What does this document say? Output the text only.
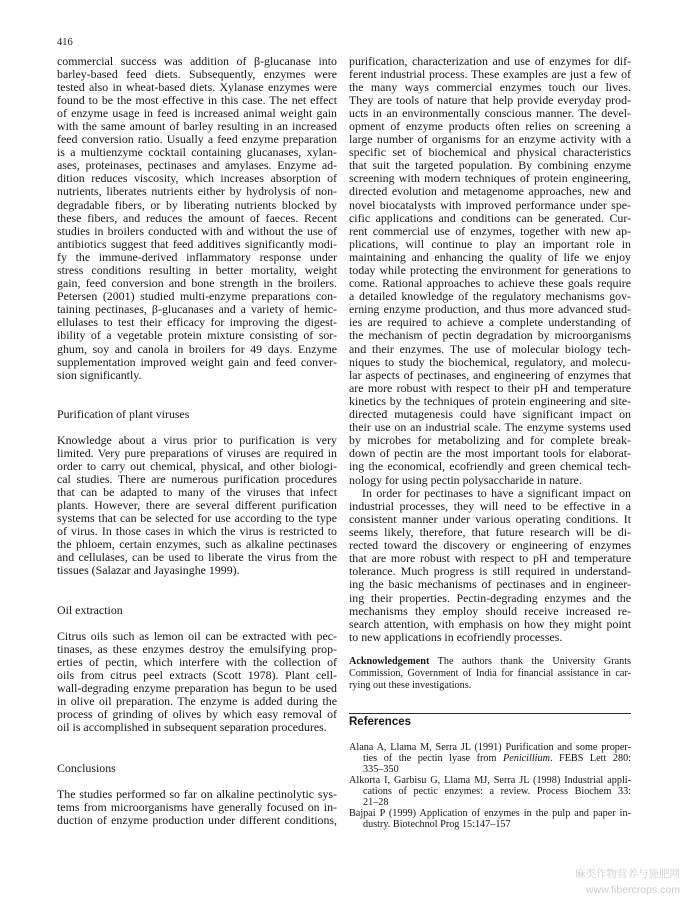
416
commercial success was addition of β-glucanase into
barley-based feed diets. Subsequently, enzymes were
tested also in wheat-based diets. Xylanase enzymes were
found to be the most effective in this case. The net effect
of enzyme usage in feed is increased animal weight gain
with the same amount of barley resulting in an increased
feed conversion ratio. Usually a feed enzyme preparation
is a multienzyme cocktail containing glucanases, xylan-
ases, proteinases, pectinases and amylases. Enzyme ad-
dition reduces viscosity, which increases absorption of
nutrients, liberates nutrients either by hydrolysis of non-
degradable fibers, or by liberating nutrients blocked by
these fibers, and reduces the amount of faeces. Recent
studies in broilers conducted with and without the use of
antibiotics suggest that feed additives significantly modi-
fy the immune-derived inflammatory response under
stress conditions resulting in better mortality, weight
gain, feed conversion and bone strength in the broilers.
Petersen (2001) studied multi-enzyme preparations con-
taining pectinases, β-glucanases and a variety of hemic-
ellulases to test their efficacy for improving the digest-
ibility of a vegetable protein mixture consisting of sor-
ghum, soy and canola in broilers for 49 days. Enzyme
supplementation improved weight gain and feed conver-
sion significantly.
Purification of plant viruses
Knowledge about a virus prior to purification is very
limited. Very pure preparations of viruses are required in
order to carry out chemical, physical, and other biologi-
cal studies. There are numerous purification procedures
that can be adapted to many of the viruses that infect
plants. However, there are several different purification
systems that can be selected for use according to the type
of virus. In those cases in which the virus is restricted to
the phloem, certain enzymes, such as alkaline pectinases
and cellulases, can be used to liberate the virus from the
tissues (Salazar and Jayasinghe 1999).
Oil extraction
Citrus oils such as lemon oil can be extracted with pec-
tinases, as these enzymes destroy the emulsifying prop-
erties of pectin, which interfere with the collection of
oils from citrus peel extracts (Scott 1978). Plant cell-
wall-degrading enzyme preparation has begun to be used
in olive oil preparation. The enzyme is added during the
process of grinding of olives by which easy removal of
oil is accomplished in subsequent separation procedures.
Conclusions
The studies performed so far on alkaline pectinolytic sys-
tems from microorganisms have generally focused on in-
duction of enzyme production under different conditions,
purification, characterization and use of enzymes for dif-
ferent industrial process. These examples are just a few of
the many ways commercial enzymes touch our lives.
They are tools of nature that help provide everyday prod-
ucts in an environmentally conscious manner. The devel-
opment of enzyme products often relies on screening a
large number of organisms for an enzyme activity with a
specific set of biochemical and physical characteristics
that suit the targeted population. By combining enzyme
screening with modern techniques of protein engineering,
directed evolution and metagenome approaches, new and
novel biocatalysts with improved performance under spe-
cific applications and conditions can be generated. Cur-
rent commercial use of enzymes, together with new ap-
plications, will continue to play an important role in
maintaining and enhancing the quality of life we enjoy
today while protecting the environment for generations to
come. Rational approaches to achieve these goals require
a detailed knowledge of the regulatory mechanisms gov-
erning enzyme production, and thus more advanced stud-
ies are required to achieve a complete understanding of
the mechanism of pectin degradation by microorganisms
and their enzymes. The use of molecular biology tech-
niques to study the biochemical, regulatory, and molecu-
lar aspects of pectinases, and engineering of enzymes that
are more robust with respect to their pH and temperature
kinetics by the techniques of protein engineering and site-
directed mutagenesis could have significant impact on
their use on an industrial scale. The enzyme systems used
by microbes for metabolizing and for complete break-
down of pectin are the most important tools for elaborat-
ing the economical, ecofriendly and green chemical tech-
nology for using pectin polysaccharide in nature.
In order for pectinases to have a significant impact on
industrial processes, they will need to be effective in a
consistent manner under various operating conditions. It
seems likely, therefore, that future research will be di-
rected toward the discovery or engineering of enzymes
that are more robust with respect to pH and temperature
tolerance. Much progress is still required in understand-
ing the basic mechanisms of pectinases and in engineer-
ing their properties. Pectin-degrading enzymes and the
mechanisms they employ should receive increased re-
search attention, with emphasis on how they might point
to new applications in ecofriendly processes.
Acknowledgement The authors thank the University Grants
Commission, Government of India for financial assistance in car-
rying out these investigations.
References
Alana A, Llama M, Serra JL (1991) Purification and some proper-
ties of the pectin lyase from Penicillium. FEBS Lett 280:
335–350
Alkorta I, Garbisu G, Llama MJ, Serra JL (1998) Industrial appli-
cations of pectic enzymes: a review. Process Biochem 33:
21–28
Bajpai P (1999) Application of enzymes in the pulp and paper in-
dustry. Biotechnol Prog 15:147–157
麻类作物营养与施肥网
www.fibercrops.com
